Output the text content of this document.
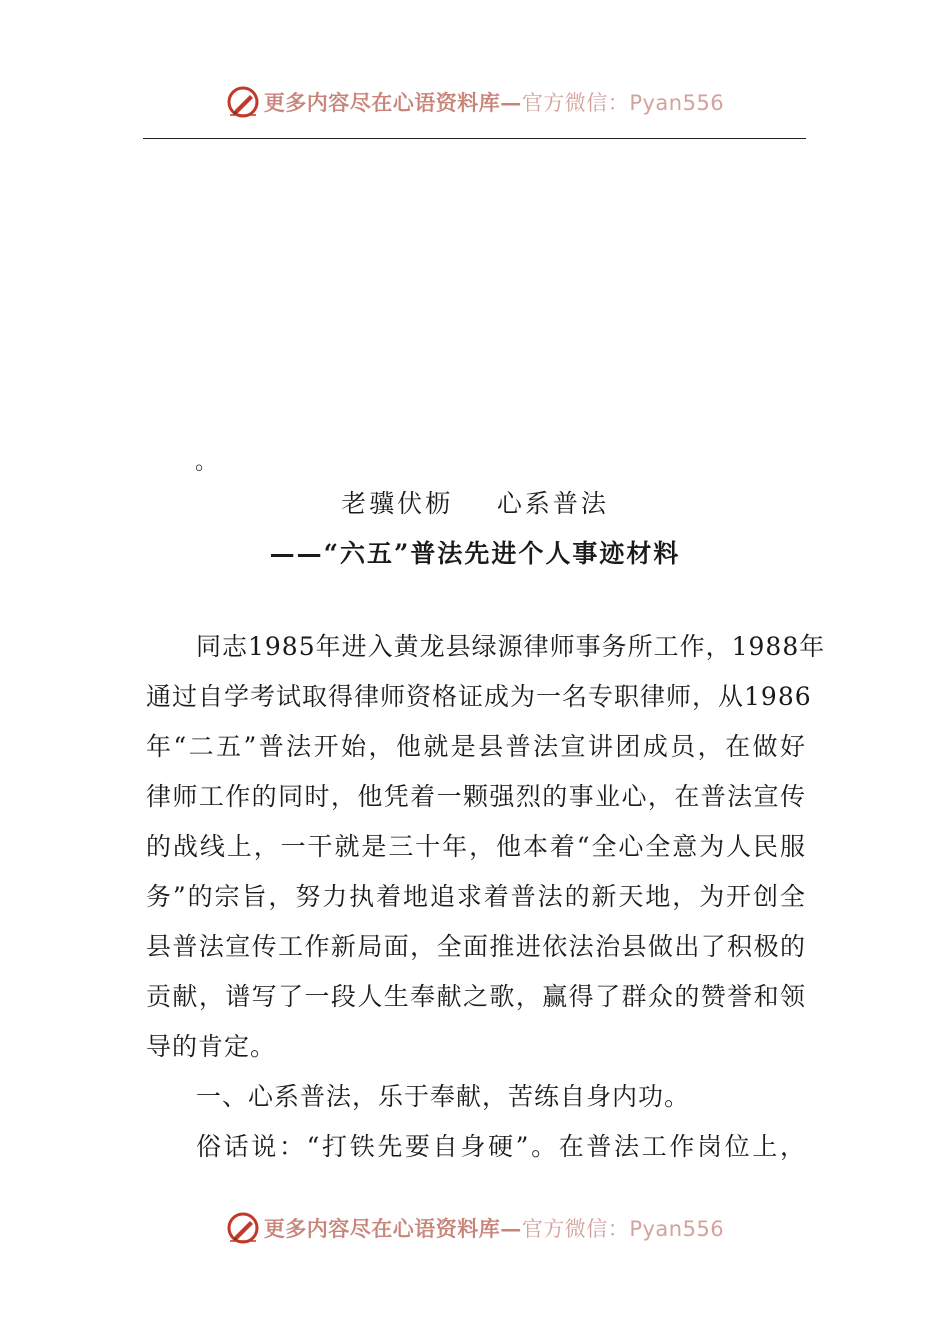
更多内容尽在心语资料库—官方微信：Pyan556
。
老骥伏枥    心系普法
——“六五”普法先进个人事迹材料
同志1985年进入黄龙县绿源律师事务所工作，1988年
通过自学考试取得律师资格证成为一名专职律师，从1986
年“二五”普法开始，他就是县普法宣讲团成员，在做好
律师工作的同时，他凭着一颗强烈的事业心，在普法宣传
的战线上，一干就是三十年，他本着“全心全意为人民服
务”的宗旨，努力执着地追求着普法的新天地，为开创全
县普法宣传工作新局面，全面推进依法治县做出了积极的
贡献，谱写了一段人生奉献之歌，赢得了群众的赞誉和领
导的肯定。
一、心系普法，乐于奉献，苦练自身内功。
俗话说：“打铁先要自身硬”。在普法工作岗位上，
更多内容尽在心语资料库—官方微信：Pyan556
